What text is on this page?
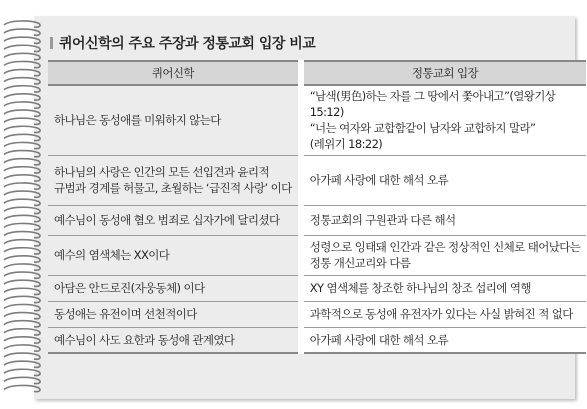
퀴어신학의 주요 주장과 정통교회 입장 비교
퀴어신학	정통교회 입장
하나님은 동성애를 미워하지 않는다	“남색(男色)하는 자를 그 땅에서 쫓아내고”(열왕기상
15:12)
“너는 여자와 교합함같이 남자와 교합하지 말라”
(레위기 18:22)

하나님의 사랑은 인간의 모든 선입견과 윤리적
규범과 경계를 허물고, 초월하는 ‘급진적 사랑’ 이다	아가페 사랑에 대한 해석 오류
예수님이 동성애 혐오 범죄로 십자가에 달리셨다	정통교회의 구원관과 다른 해석
예수의 염색체는 XX이다	성령으로 잉태돼 인간과 같은 정상적인 신체로 태어났다는
정통 개신교리와 다름

아담은 안드로진(자웅동체) 이다	XY 염색체를 창조한 하나님의 창조 섭리에 역행
동성애는 유전이며 선천적이다	과학적으로 동성애 유전자가 있다는 사실 밝혀진 적 없다
예수님이 사도 요한과 동성애 관계였다	아가페 사랑에 대한 해석 오류
